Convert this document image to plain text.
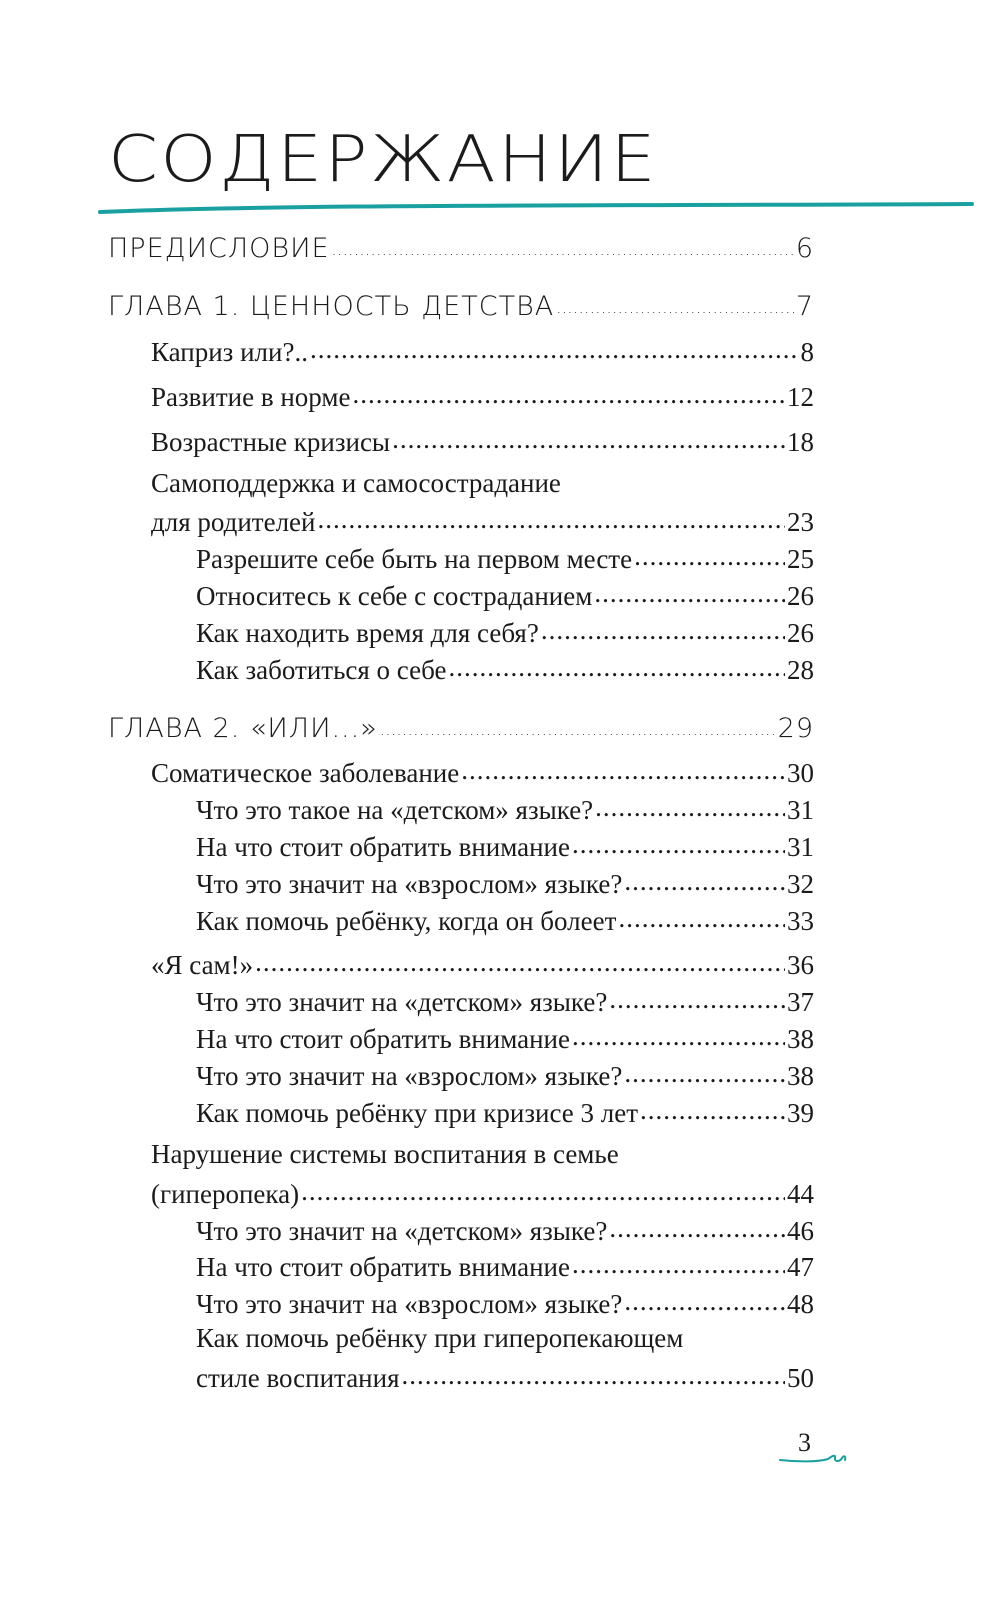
СОДЕРЖАНИЕ
ПРЕДИСЛОВИЕ .....	6
ГЛАВА 1. ЦЕННОСТЬ ДЕТСТВА .....	7
Каприз или?.. .....	8
Развитие в норме .....	12
Возрастные кризисы .....	18
Самоподдержка и самосострадание
для родителей .....	23
Разрешите себе быть на первом месте .....	25
Относитесь к себе с состраданием .....	26
Как находить время для себя? .....	26
Как заботиться о себе .....	28
ГЛАВА 2. «ИЛИ...» .....	29
Соматическое заболевание .....	30
Что это такое на «детском» языке? .....	31
На что стоит обратить внимание .....	31
Что это значит на «взрослом» языке? .....	32
Как помочь ребёнку, когда он болеет .....	33
«Я сам!» .....	36
Что это значит на «детском» языке? .....	37
На что стоит обратить внимание .....	38
Что это значит на «взрослом» языке? .....	38
Как помочь ребёнку при кризисе 3 лет .....	39
Нарушение системы воспитания в семье
(гиперопека) .....	44
Что это значит на «детском» языке? .....	46
На что стоит обратить внимание .....	47
Что это значит на «взрослом» языке? .....	48
Как помочь ребёнку при гиперопекающем
стиле воспитания .....	50
3
